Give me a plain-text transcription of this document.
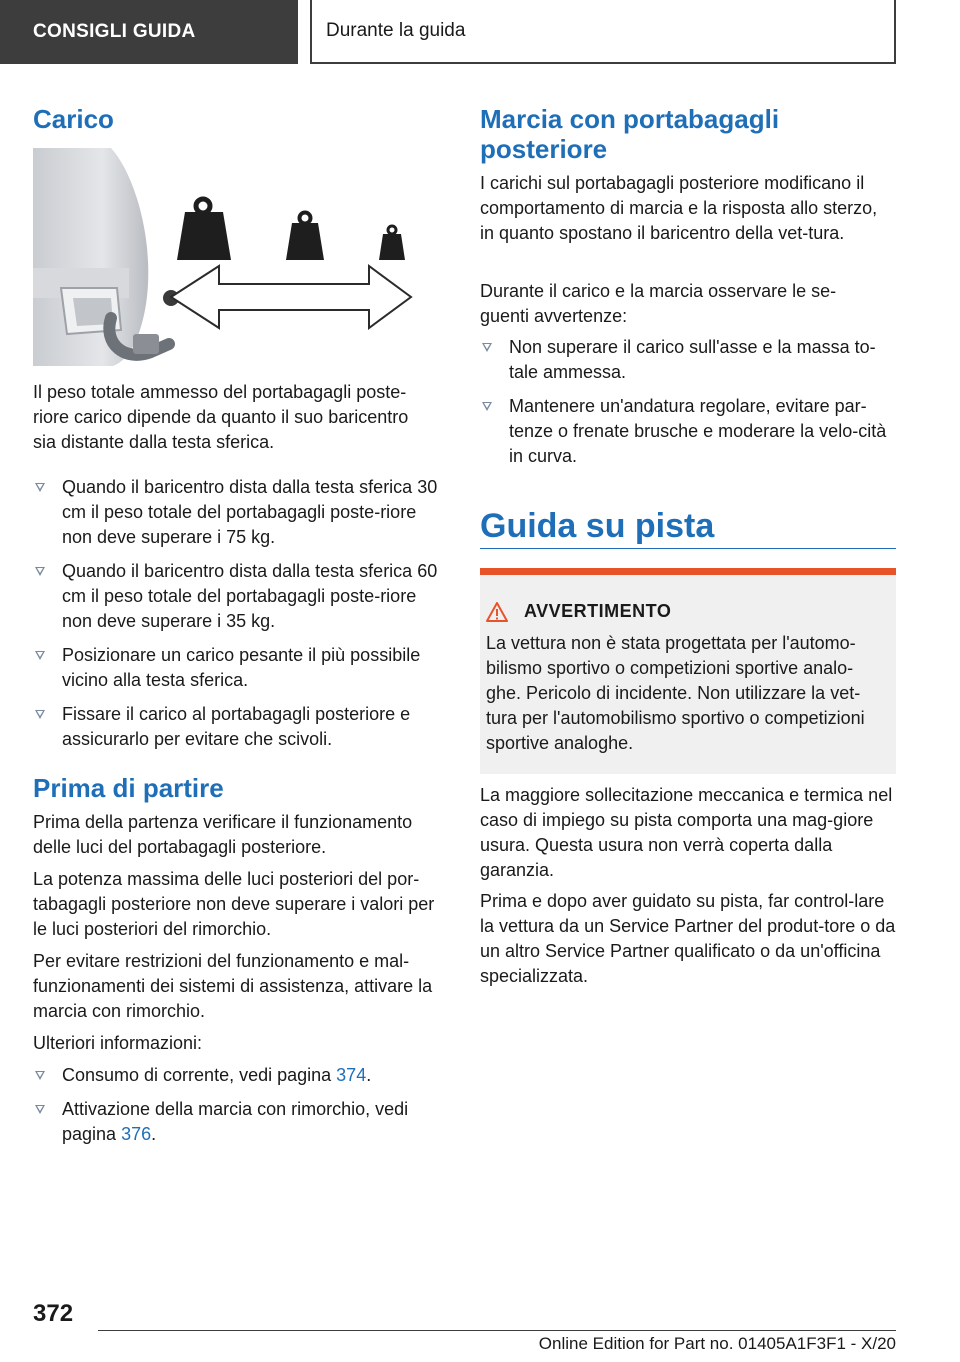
CONSIGLI GUIDA	Durante la guida
Carico

Il peso totale ammesso del portabagagli poste-riore carico dipende da quanto il suo baricentro sia distante dalla testa sferica.

Quando il baricentro dista dalla testa sferica 30 cm il peso totale del portabagagli poste-riore non deve superare i 75 kg.
Quando il baricentro dista dalla testa sferica 60 cm il peso totale del portabagagli poste-riore non deve superare i 35 kg.
Posizionare un carico pesante il più possibile vicino alla testa sferica.
Fissare il carico al portabagagli posteriore e assicurarlo per evitare che scivoli.
Prima di partire

Prima della partenza verificare il funzionamento delle luci del portabagagli posteriore.

La potenza massima delle luci posteriori del por-tabagagli posteriore non deve superare i valori per le luci posteriori del rimorchio.

Per evitare restrizioni del funzionamento e mal-funzionamenti dei sistemi di assistenza, attivare la marcia con rimorchio.

Ulteriori informazioni:

Consumo di corrente, vedi pagina 374.
Attivazione della marcia con rimorchio, vedi pagina 376.
Marcia con portabagagli posteriore

I carichi sul portabagagli posteriore modificano il comportamento di marcia e la risposta allo sterzo, in quanto spostano il baricentro della vet-tura.

Durante il carico e la marcia osservare le se-guenti avvertenze:

Non superare il carico sull'asse e la massa to-tale ammessa.
Mantenere un'andatura regolare, evitare par-tenze o frenate brusche e moderare la velo-cità in curva.
Guida su pista
AVVERTIMENTO

La vettura non è stata progettata per l'automo-bilismo sportivo o competizioni sportive analo-ghe. Pericolo di incidente. Non utilizzare la vet-tura per l'automobilismo sportivo o competizioni sportive analoghe.

La maggiore sollecitazione meccanica e termica nel caso di impiego su pista comporta una mag-giore usura. Questa usura non verrà coperta dalla garanzia.

Prima e dopo aver guidato su pista, far control-lare la vettura da un Service Partner del produt-tore o da un altro Service Partner qualificato o da un'officina specializzata.

372
Online Edition for Part no. 01405A1F3F1 - X/20
